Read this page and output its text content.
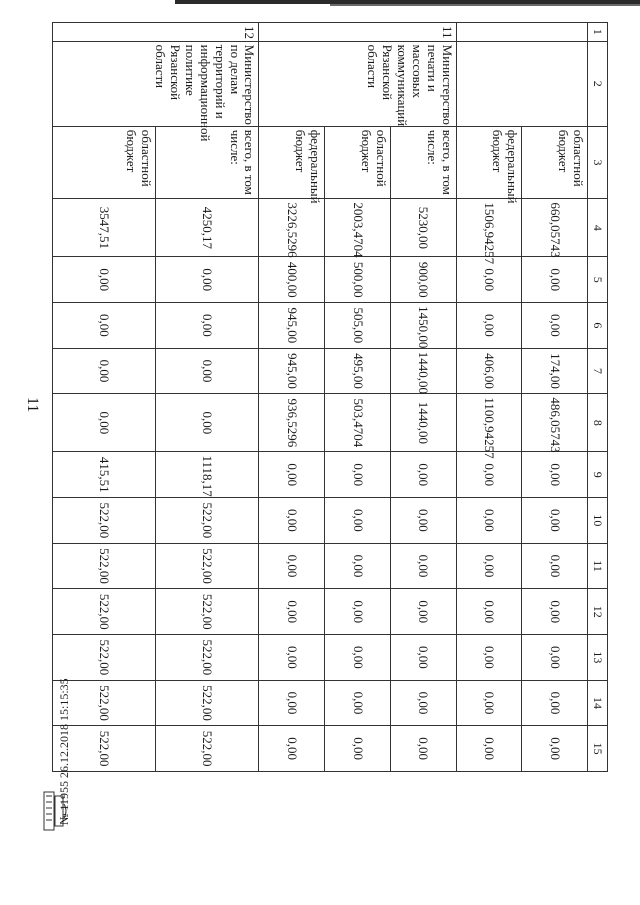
11
1	2	3	4	5	6	7	8	9	10	11	12	13	14	15
		областной бюджет	660,05743	0,00	0,00	174,00	486,05743	0,00	0,00	0,00	0,00	0,00	0,00	0,00
		федеральный бюджет	1506,94257	0,00	0,00	406,00	1100,94257	0,00	0,00	0,00	0,00	0,00	0,00	0,00
11	Министерство печати и массовых коммуникаций Рязанской области	всего, в том числе:	5230,00	900,00	1450,00	1440,00	1440,00	0,00	0,00	0,00	0,00	0,00	0,00	0,00
		областной бюджет	2003,4704	500,00	505,00	495,00	503,4704	0,00	0,00	0,00	0,00	0,00	0,00	0,00
		федеральный бюджет	3226,5296	400,00	945,00	945,00	936,5296	0,00	0,00	0,00	0,00	0,00	0,00	0,00
12	Министерство по делам территорий и информационной политике Рязанской области	всего, в том числе:	4250,17	0,00	0,00	0,00	0,00	1118,17	522,00	522,00	522,00	522,00	522,00	522,00
		областной бюджет	3547,51	0,00	0,00	0,00	0,00	415,51	522,00	522,00	522,00	522,00	522,00	522,00
№ 11955 26.12.2018 15:15:35
